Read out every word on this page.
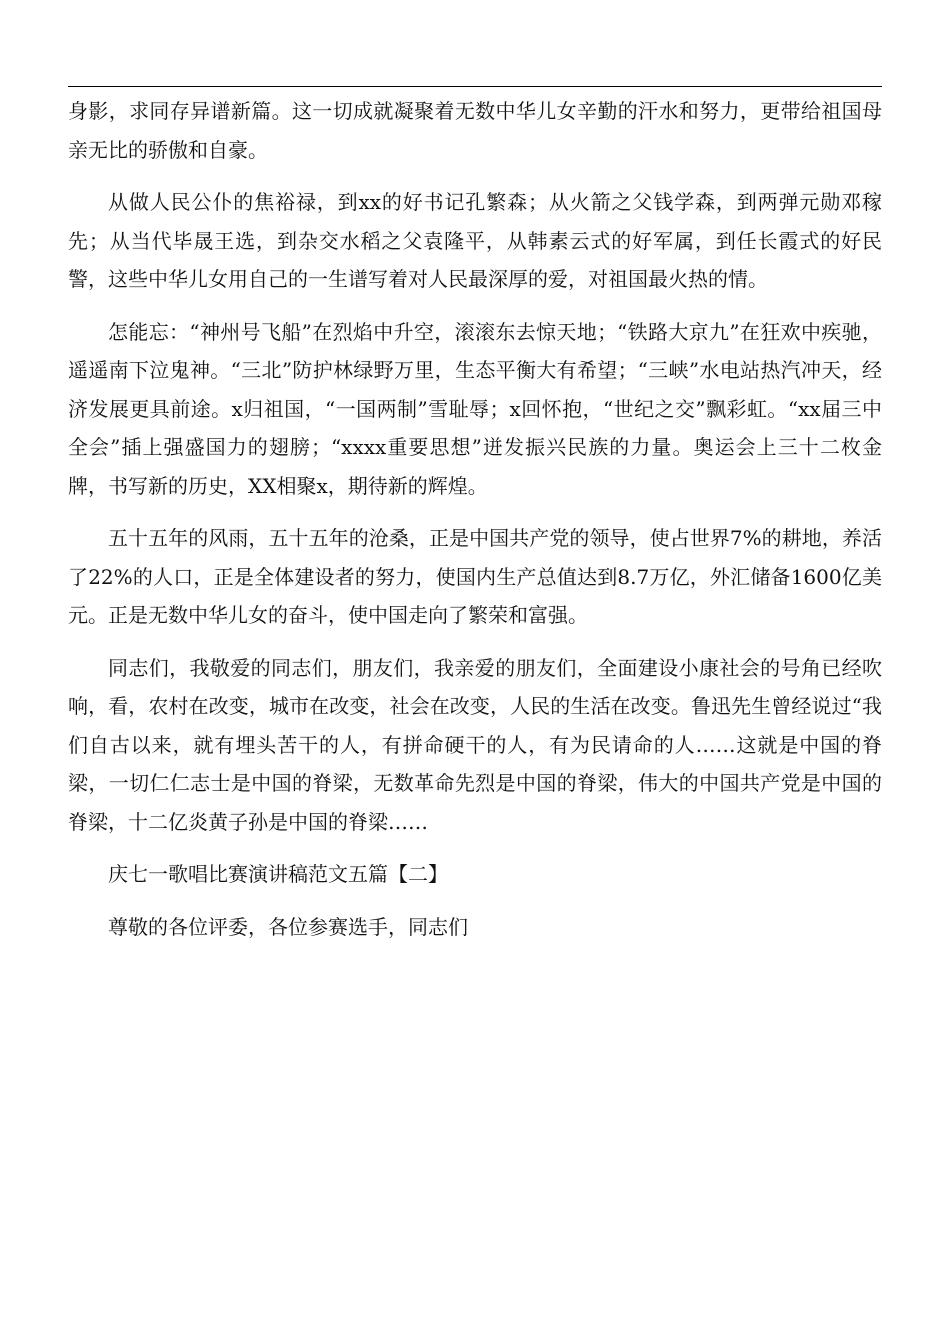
身影，求同存异谱新篇。这一切成就凝聚着无数中华儿女辛勤的汗水和努力，更带给祖国母亲无比的骄傲和自豪。

从做人民公仆的焦裕禄，到xx的好书记孔繁森；从火箭之父钱学森，到两弹元勋邓稼先；从当代毕晟王选，到杂交水稻之父袁隆平，从韩素云式的好军属，到任长霞式的好民警，这些中华儿女用自己的一生谱写着对人民最深厚的爱，对祖国最火热的情。

怎能忘：“神州号飞船”在烈焰中升空，滚滚东去惊天地；“铁路大京九”在狂欢中疾驰，遥遥南下泣鬼神。“三北”防护林绿野万里，生态平衡大有希望；“三峡”水电站热汽冲天，经济发展更具前途。x归祖国，“一国两制”雪耻辱；x回怀抱，“世纪之交”飘彩虹。“xx届三中全会”插上强盛国力的翅膀；“xxxx重要思想”迸发振兴民族的力量。奥运会上三十二枚金牌，书写新的历史，XX相聚x，期待新的辉煌。

五十五年的风雨，五十五年的沧桑，正是中国共产党的领导，使占世界7%的耕地，养活了22%的人口，正是全体建设者的努力，使国内生产总值达到8.7万亿，外汇储备1600亿美元。正是无数中华儿女的奋斗，使中国走向了繁荣和富强。

同志们，我敬爱的同志们，朋友们，我亲爱的朋友们，全面建设小康社会的号角已经吹响，看，农村在改变，城市在改变，社会在改变，人民的生活在改变。鲁迅先生曾经说过“我们自古以来，就有埋头苦干的人，有拼命硬干的人，有为民请命的人……这就是中国的脊梁，一切仁仁志士是中国的脊梁，无数革命先烈是中国的脊梁，伟大的中国共产党是中国的脊梁，十二亿炎黄子孙是中国的脊梁……

庆七一歌唱比赛演讲稿范文五篇【二】

尊敬的各位评委，各位参赛选手，同志们
